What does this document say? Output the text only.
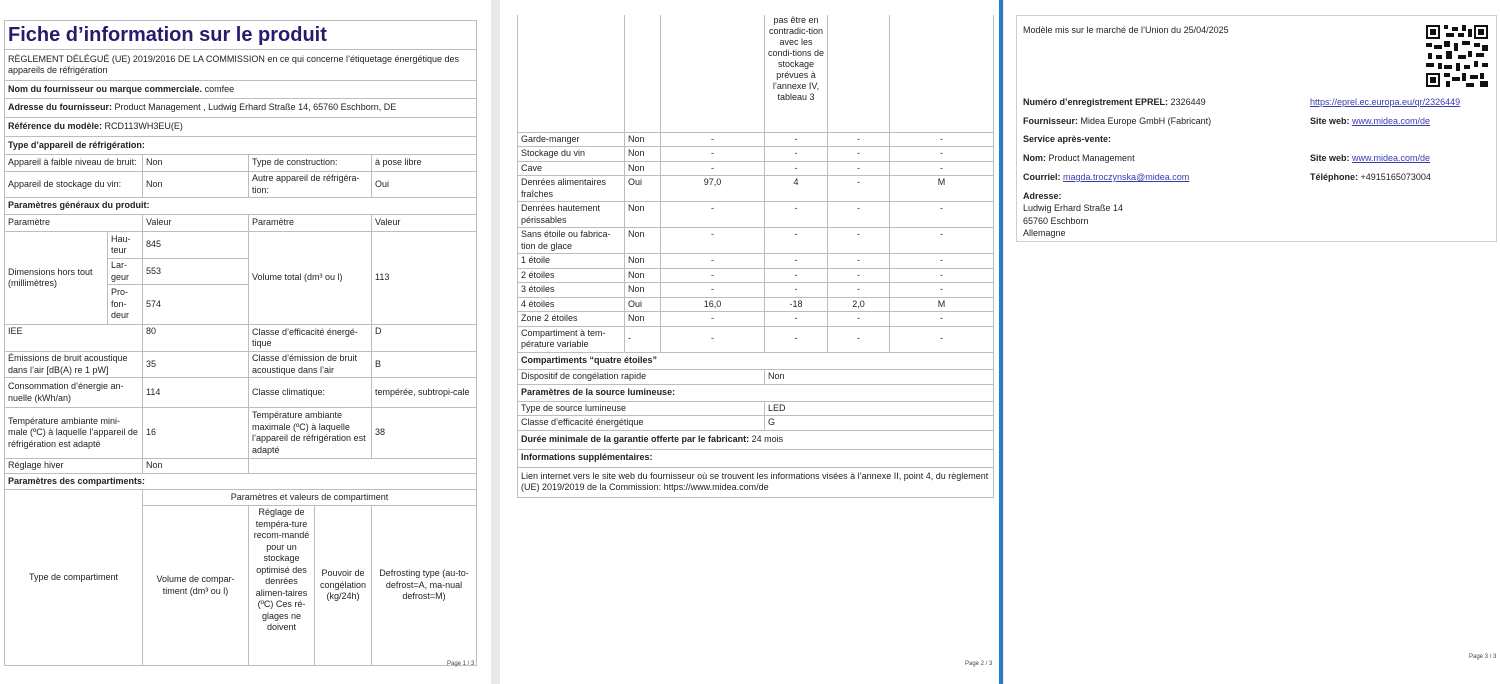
Fiche d’information sur le produit					
RÈGLEMENT DÉLÉGUÉ (UE) 2019/2016 DE LA COMMISSION en ce qui concerne l’étiquetage énergétique des appareils de réfrigération					
Nom du fournisseur ou marque commerciale. comfee					
Adresse du fournisseur: Product Management , Ludwig Erhard Straße 14, 65760 Eschborn, DE					
Référence du modèle: RCD113WH3EU(E)					
Type d’appareil de réfrigération:					
Appareil à faible niveau de bruit:		Non	Type de construction:		à pose libre
Appareil de stockage du vin:		Non	Autre appareil de réfrigéra-tion:		Oui
Paramètres généraux du produit:					
Paramètre		Valeur	Paramètre		Valeur
Dimensions hors tout (millimètres)	Hau-teur	845	Volume total (dm³ ou l)		113
	Lar-geur	553			
	Pro-fon-deur	574			
IEE		80	Classe d’efficacité énergé-tique		D
Émissions de bruit acoustique dans l’air [dB(A) re 1 pW]		35	Classe d’émission de bruit acoustique dans l’air		B
Consommation d’énergie an-nuelle (kWh/an)		114	Classe climatique:		tempérée, subtropi-cale
Température ambiante mini-male (ºC) à laquelle l’appareil de réfrigération est adapté		16	Température ambiante maximale (ºC) à laquelle l’appareil de réfrigération est adapté		38
Réglage hiver		Non			
Paramètres des compartiments:					
Type de compartiment		Paramètres et valeurs de compartiment			
		Volume de compar-timent (dm³ ou l)	Réglage de tempéra-ture recom-mandé pour un stockage optimisé des denrées alimen-taires (ºC) Ces ré-glages ne doivent	Pouvoir de congélation (kg/24h)	Defrosting type (au-to-defrost=A, ma-nual defrost=M)
Page 1 / 3
			pas être en contradic-tion avec les condi-tions de stockage prévues à l’annexe IV, tableau 3		
Garde-manger	Non	-	-	-	-
Stockage du vin	Non	-	-	-	-
Cave	Non	-	-	-	-
Denrées alimentaires fraîches	Oui	97,0	4	-	M
Denrées hautement périssables	Non	-	-	-	-
Sans étoile ou fabrica-tion de glace	Non	-	-	-	-
1 étoile	Non	-	-	-	-
2 étoiles	Non	-	-	-	-
3 étoiles	Non	-	-	-	-
4 étoiles	Oui	16,0	-18	2,0	M
Zone 2 étoiles	Non	-	-	-	-
Compartiment à tem-pérature variable	-	-	-	-	-
Compartiments “quatre étoiles”					
Dispositif de congélation rapide			Non		
Paramètres de la source lumineuse:					
Type de source lumineuse			LED		
Classe d’efficacité énergétique			G		
Durée minimale de la garantie offerte par le fabricant: 24 mois					
Informations supplémentaires:					
Lien internet vers le site web du fournisseur où se trouvent les informations visées à l’annexe II, point 4, du règlement (UE) 2019/2019 de la Commission: https://www.midea.com/de					
Page 2 / 3
Modèle mis sur le marché de l’Union du 25/04/2025
Numéro d’enregistrement EPREL: 2326449	https://eprel.ec.europa.eu/qr/2326449
Fournisseur: Midea Europe GmbH (Fabricant)	Site web: www.midea.com/de
Service après-vente:
Nom: Product Management	Site web: www.midea.com/de
Courriel: magda.troczynska@midea.com	Téléphone: +4915165073004
Adresse:
Ludwig Erhard Straße 14
65760 Eschborn
Allemagne
Page 3 / 3
